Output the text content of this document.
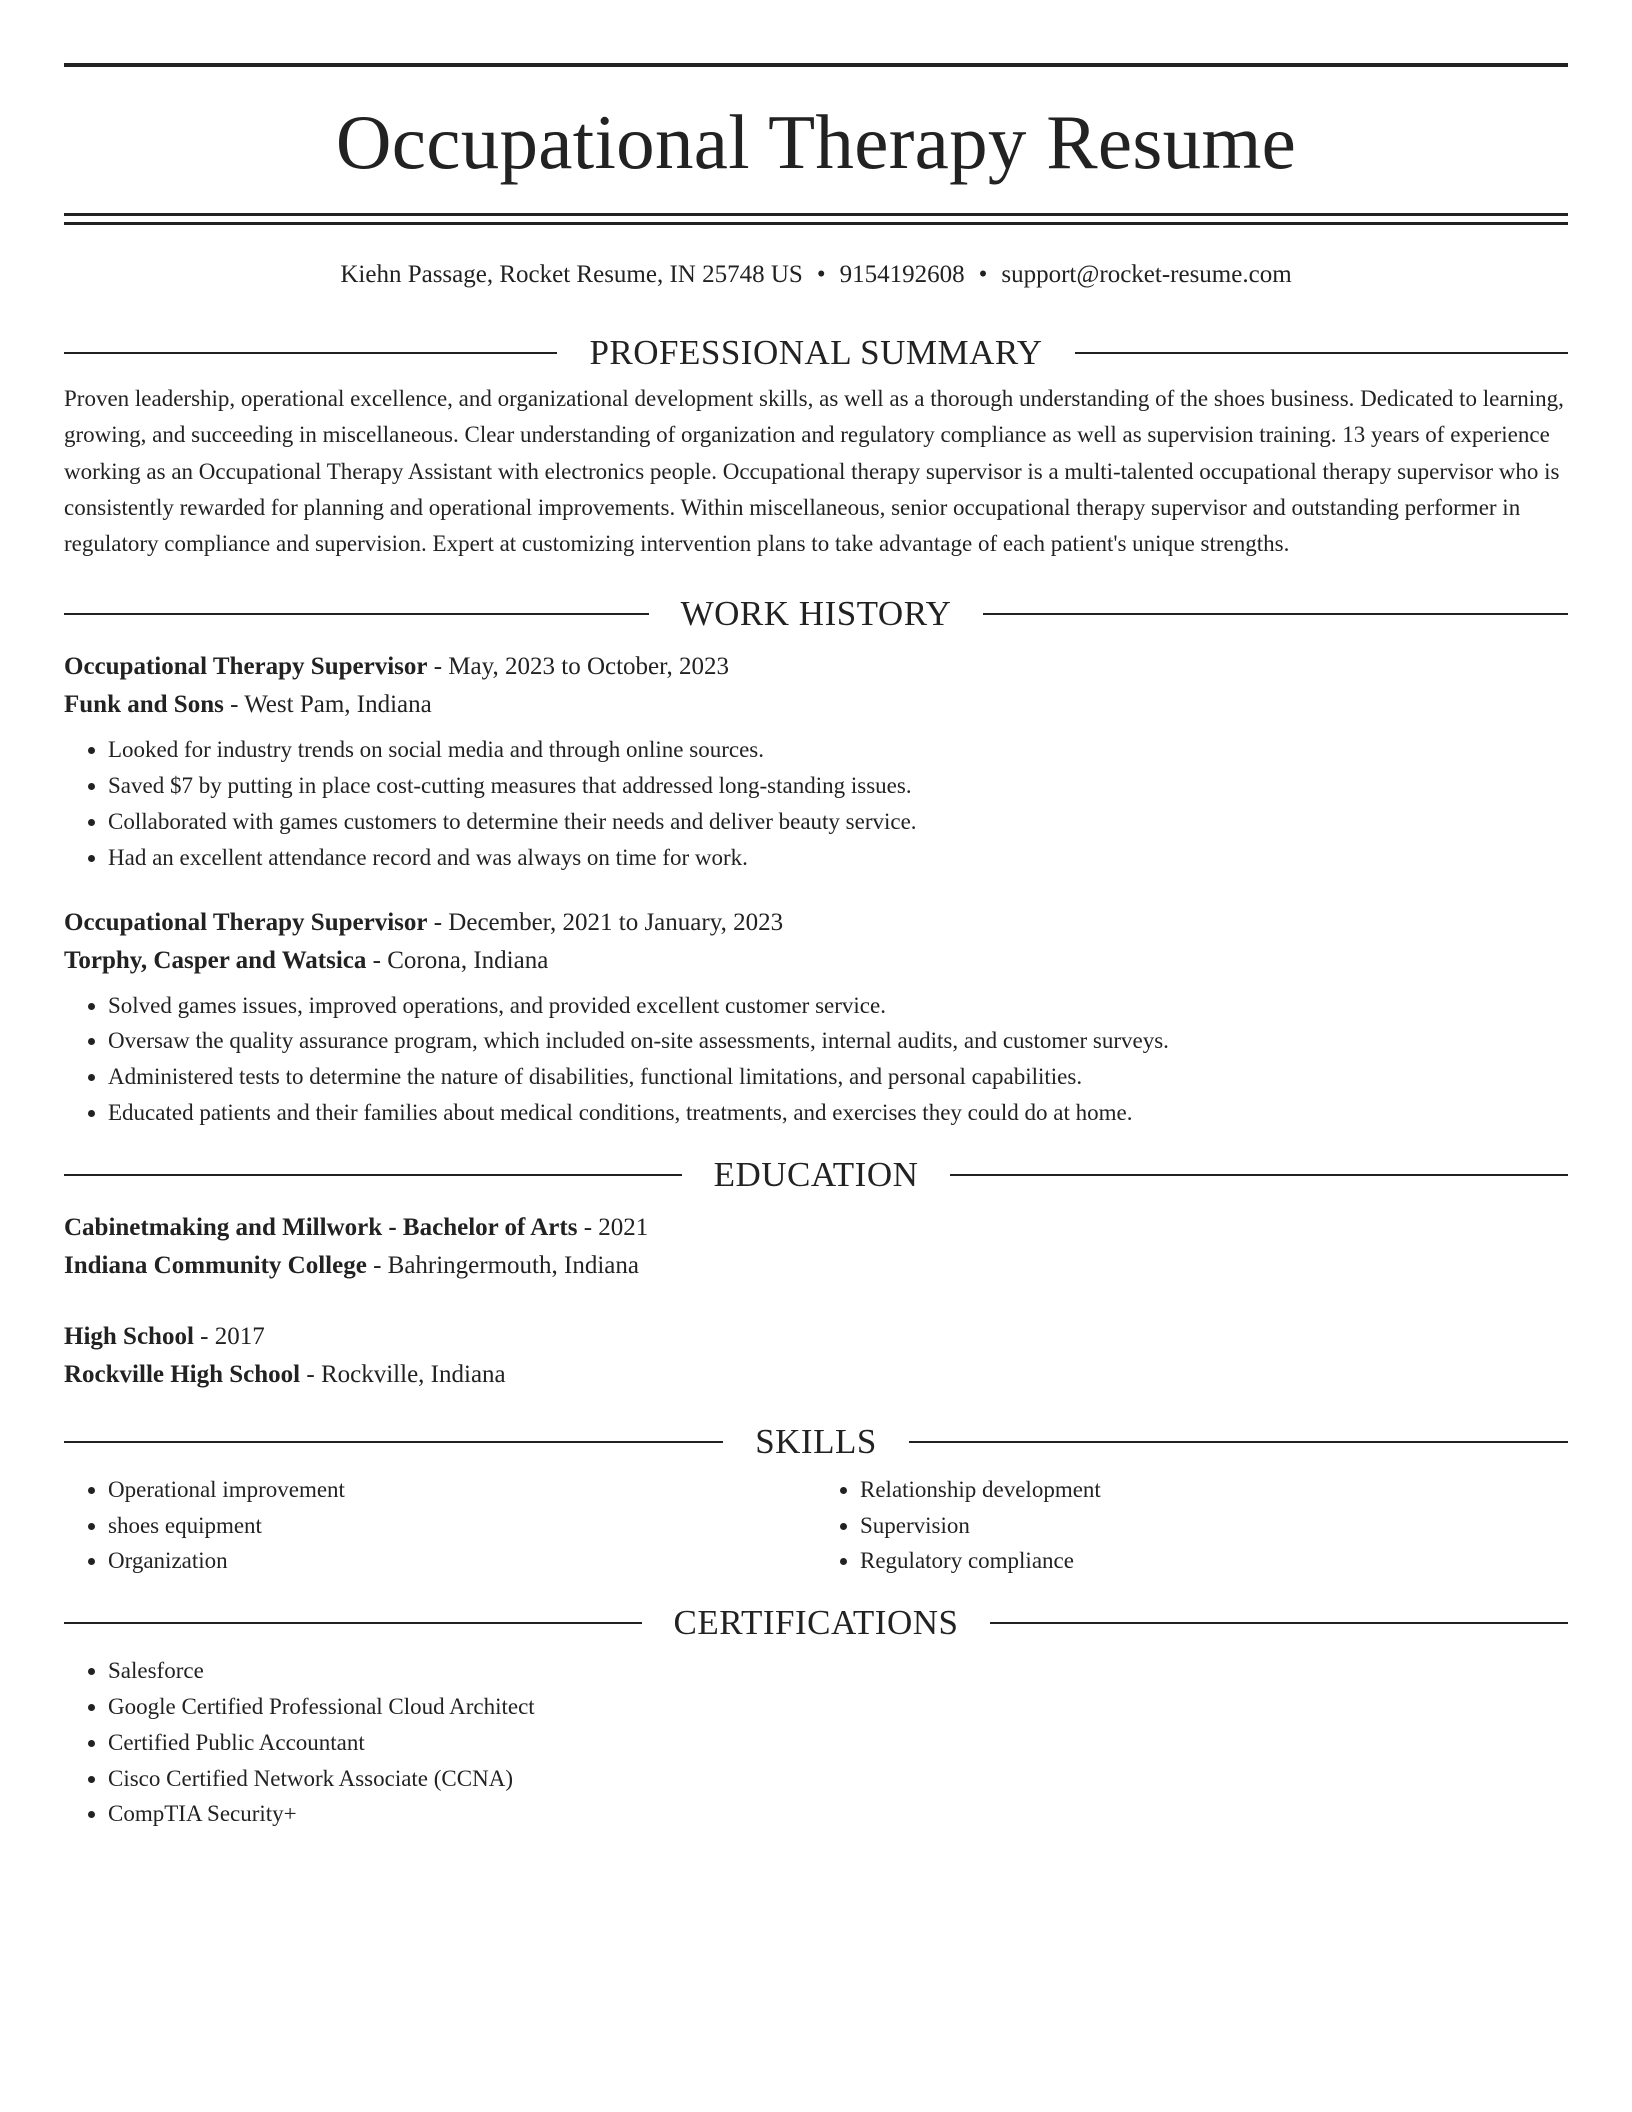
Occupational Therapy Resume
Kiehn Passage, Rocket Resume, IN 25748 US • 9154192608 • support@rocket-resume.com
PROFESSIONAL SUMMARY
Proven leadership, operational excellence, and organizational development skills, as well as a thorough understanding of the shoes business. Dedicated to learning, growing, and succeeding in miscellaneous. Clear understanding of organization and regulatory compliance as well as supervision training. 13 years of experience working as an Occupational Therapy Assistant with electronics people. Occupational therapy supervisor is a multi-talented occupational therapy supervisor who is consistently rewarded for planning and operational improvements. Within miscellaneous, senior occupational therapy supervisor and outstanding performer in regulatory compliance and supervision. Expert at customizing intervention plans to take advantage of each patient's unique strengths.
WORK HISTORY
Occupational Therapy Supervisor - May, 2023 to October, 2023
Funk and Sons - West Pam, Indiana
• Looked for industry trends on social media and through online sources.
• Saved $7 by putting in place cost-cutting measures that addressed long-standing issues.
• Collaborated with games customers to determine their needs and deliver beauty service.
• Had an excellent attendance record and was always on time for work.
Occupational Therapy Supervisor - December, 2021 to January, 2023
Torphy, Casper and Watsica - Corona, Indiana
• Solved games issues, improved operations, and provided excellent customer service.
• Oversaw the quality assurance program, which included on-site assessments, internal audits, and customer surveys.
• Administered tests to determine the nature of disabilities, functional limitations, and personal capabilities.
• Educated patients and their families about medical conditions, treatments, and exercises they could do at home.
EDUCATION
Cabinetmaking and Millwork - Bachelor of Arts - 2021
Indiana Community College - Bahringermouth, Indiana
High School - 2017
Rockville High School - Rockville, Indiana
SKILLS
• Operational improvement
• shoes equipment
• Organization
• Relationship development
• Supervision
• Regulatory compliance
CERTIFICATIONS
• Salesforce
• Google Certified Professional Cloud Architect
• Certified Public Accountant
• Cisco Certified Network Associate (CCNA)
• CompTIA Security+
